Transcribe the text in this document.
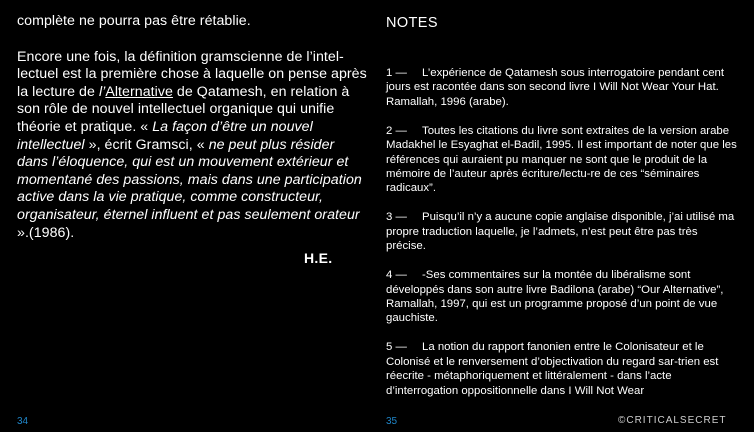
complète ne pourra pas être rétablie.

Encore une fois, la définition gramscienne de l’intel-lectuel est la première chose à laquelle on pense après la lecture de l’Alternative de Qatamesh, en relation à son rôle de nouvel intellectuel organique qui unifie théorie et pratique. « La façon d’être un nouvel intellectuel », écrit Gramsci, « ne peut plus résider dans l’éloquence, qui est un mouvement extérieur et momentané des passions, mais dans une participation active dans la vie pratique, comme constructeur, organisateur, éternel influent et pas seulement orateur ».(1986).

H.E.
34
NOTES

1 — L’expérience de Qatamesh sous interrogatoire pendant cent jours est racontée dans son second livre I Will Not Wear Your Hat. Ramallah, 1996 (arabe).

2 — Toutes les citations du livre sont extraites de la version arabe Madakhel le Esyaghat el-Badil, 1995. Il est important de noter que les références qui auraient pu manquer ne sont que le produit de la mémoire de l’auteur après écriture/lectu-re de ces “séminaires radicaux”.

3 — Puisqu’il n’y a aucune copie anglaise disponible, j’ai utilisé ma propre traduction laquelle, je l’admets, n’est peut être pas très précise.

4 — -Ses commentaires sur la montée du libéralisme sont développés dans son autre livre Badilona (arabe) “Our Alternative”, Ramallah, 1997, qui est un programme proposé d’un point de vue gauchiste.

5 — La notion du rapport fanonien entre le Colonisateur et le Colonisé et le renversement d’objectivation du regard sar-trien est réecrite - métaphoriquement et littéralement - dans l’acte d’interrogation oppositionnelle dans I Will Not Wear

35	©CRITICALSECRET
